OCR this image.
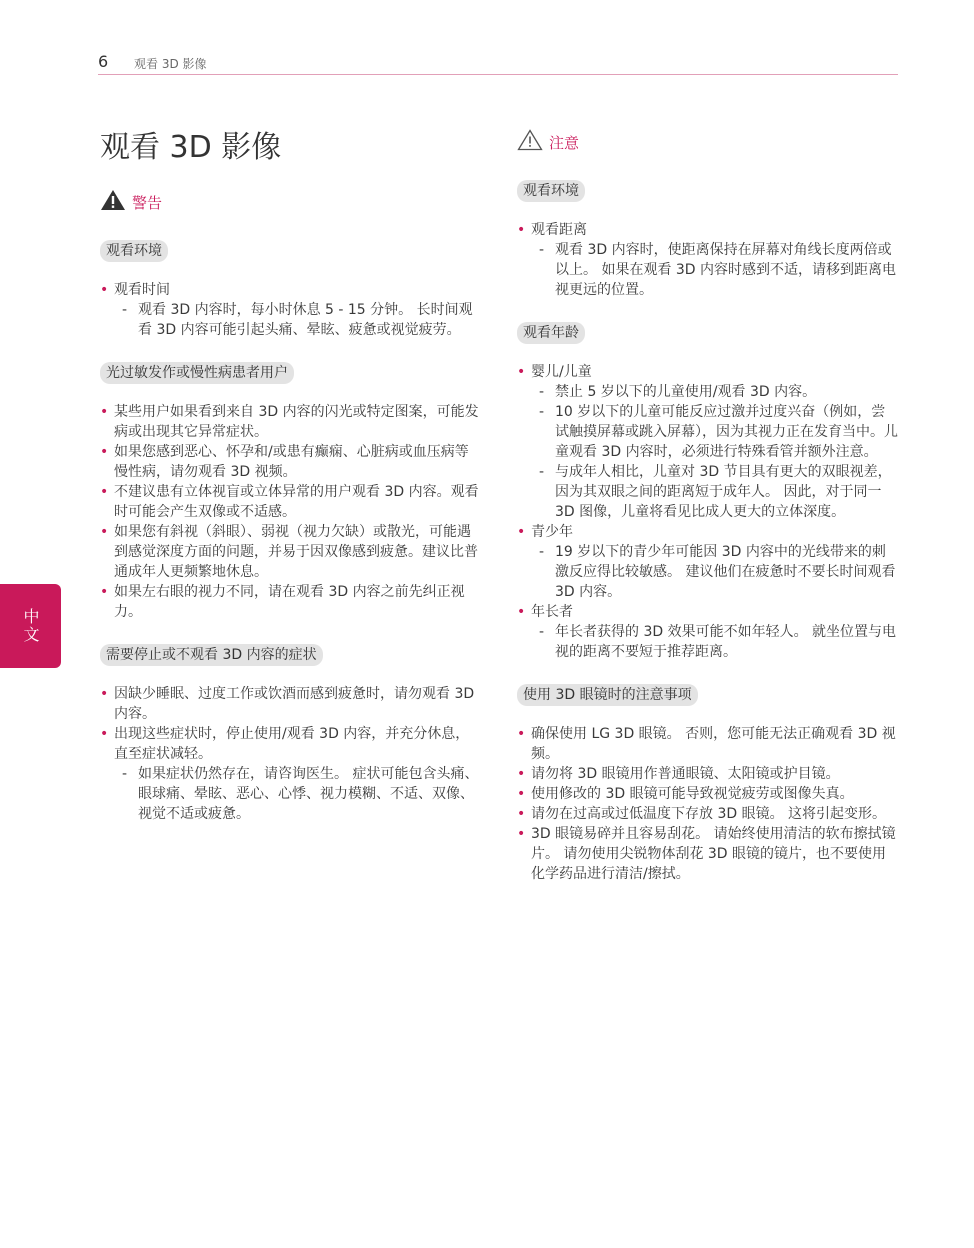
6 观看 3D 影像
中文
观看 3D 影像
警告
观看环境
• 观看时间
- 观看 3D 内容时，每小时休息 5 - 15 分钟。 长时间观看 3D 内容可能引起头痛、晕眩、疲惫或视觉疲劳。
光过敏发作或慢性病患者用户
• 某些用户如果看到来自 3D 内容的闪光或特定图案，可能发病或出现其它异常症状。
• 如果您感到恶心、怀孕和/或患有癫痫、心脏病或血压病等慢性病，请勿观看 3D 视频。
• 不建议患有立体视盲或立体异常的用户观看 3D 内容。观看时可能会产生双像或不适感。
• 如果您有斜视（斜眼）、弱视（视力欠缺）或散光，可能遇到感觉深度方面的问题，并易于因双像感到疲惫。建议比普通成年人更频繁地休息。
• 如果左右眼的视力不同，请在观看 3D 内容之前先纠正视力。
需要停止或不观看 3D 内容的症状
• 因缺少睡眠、过度工作或饮酒而感到疲惫时，请勿观看 3D 内容。
• 出现这些症状时，停止使用/观看 3D 内容，并充分休息，直至症状减轻。
- 如果症状仍然存在，请咨询医生。 症状可能包含头痛、眼球痛、晕眩、恶心、心悸、视力模糊、不适、双像、视觉不适或疲惫。
注意
观看环境
• 观看距离
- 观看 3D 内容时，使距离保持在屏幕对角线长度两倍或以上。 如果在观看 3D 内容时感到不适，请移到距离电视更远的位置。
观看年龄
• 婴儿/儿童
- 禁止 5 岁以下的儿童使用/观看 3D 内容。
- 10 岁以下的儿童可能反应过激并过度兴奋（例如，尝试触摸屏幕或跳入屏幕），因为其视力正在发育当中。儿童观看 3D 内容时，必须进行特殊看管并额外注意。
- 与成年人相比，儿童对 3D 节目具有更大的双眼视差，因为其双眼之间的距离短于成年人。 因此，对于同一 3D 图像，儿童将看见比成人更大的立体深度。
• 青少年
- 19 岁以下的青少年可能因 3D 内容中的光线带来的刺激反应得比较敏感。 建议他们在疲惫时不要长时间观看 3D 内容。
• 年长者
- 年长者获得的 3D 效果可能不如年轻人。 就坐位置与电视的距离不要短于推荐距离。
使用 3D 眼镜时的注意事项
• 确保使用 LG 3D 眼镜。 否则，您可能无法正确观看 3D 视频。
• 请勿将 3D 眼镜用作普通眼镜、太阳镜或护目镜。
• 使用修改的 3D 眼镜可能导致视觉疲劳或图像失真。
• 请勿在过高或过低温度下存放 3D 眼镜。 这将引起变形。
• 3D 眼镜易碎并且容易刮花。 请始终使用清洁的软布擦拭镜片。 请勿使用尖锐物体刮花 3D 眼镜的镜片，也不要使用化学药品进行清洁/擦拭。
